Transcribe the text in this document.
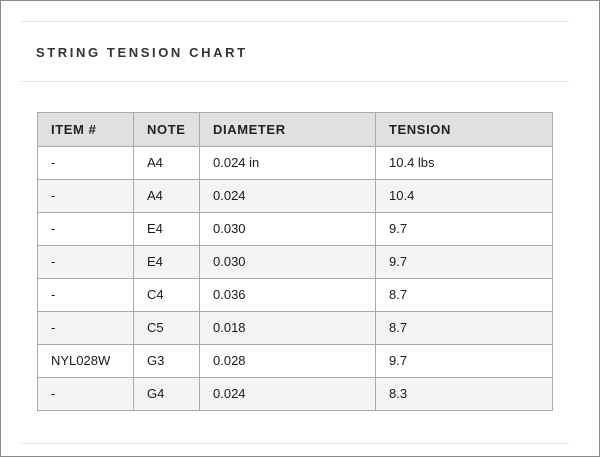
STRING TENSION CHART
ITEM #	NOTE	DIAMETER	TENSION
-	A4	0.024 in	10.4 lbs
-	A4	0.024	10.4
-	E4	0.030	9.7
-	E4	0.030	9.7
-	C4	0.036	8.7
-	C5	0.018	8.7
NYL028W	G3	0.028	9.7
-	G4	0.024	8.3
